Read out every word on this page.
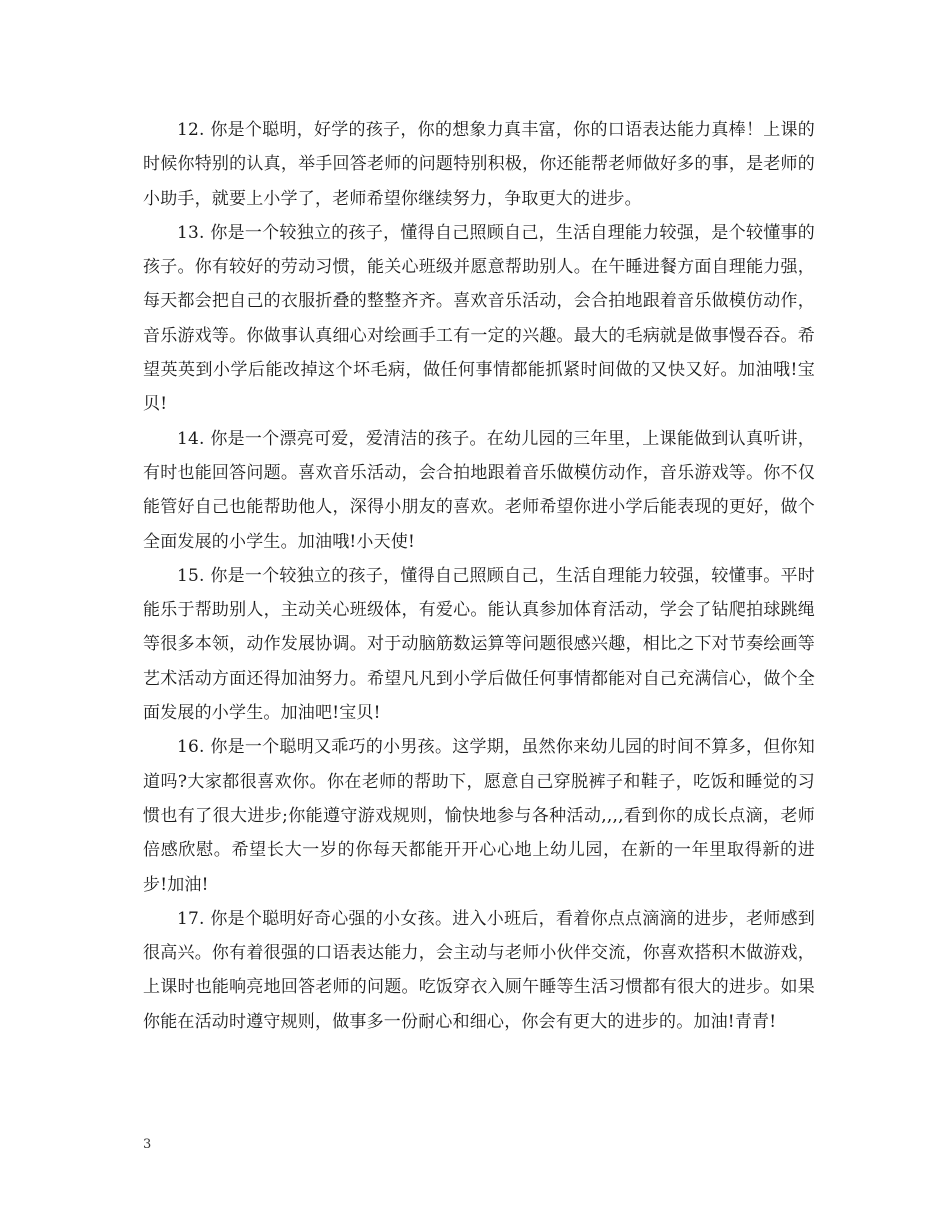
12. 你是个聪明，好学的孩子，你的想象力真丰富，你的口语表达能力真棒！上课的时候你特别的认真，举手回答老师的问题特别积极，你还能帮老师做好多的事，是老师的小助手，就要上小学了，老师希望你继续努力，争取更大的进步。

13. 你是一个较独立的孩子，懂得自己照顾自己，生活自理能力较强，是个较懂事的孩子。你有较好的劳动习惯，能关心班级并愿意帮助别人。在午睡进餐方面自理能力强，每天都会把自己的衣服折叠的整整齐齐。喜欢音乐活动，会合拍地跟着音乐做模仿动作，音乐游戏等。你做事认真细心对绘画手工有一定的兴趣。最大的毛病就是做事慢吞吞。希望英英到小学后能改掉这个坏毛病，做任何事情都能抓紧时间做的又快又好。加油哦!宝贝!

14. 你是一个漂亮可爱，爱清洁的孩子。在幼儿园的三年里，上课能做到认真听讲，有时也能回答问题。喜欢音乐活动，会合拍地跟着音乐做模仿动作，音乐游戏等。你不仅能管好自己也能帮助他人，深得小朋友的喜欢。老师希望你进小学后能表现的更好，做个全面发展的小学生。加油哦!小天使!

15. 你是一个较独立的孩子，懂得自己照顾自己，生活自理能力较强，较懂事。平时能乐于帮助别人，主动关心班级体，有爱心。能认真参加体育活动，学会了钻爬拍球跳绳等很多本领，动作发展协调。对于动脑筋数运算等问题很感兴趣，相比之下对节奏绘画等艺术活动方面还得加油努力。希望凡凡到小学后做任何事情都能对自己充满信心，做个全面发展的小学生。加油吧!宝贝!

16. 你是一个聪明又乖巧的小男孩。这学期，虽然你来幼儿园的时间不算多，但你知道吗?大家都很喜欢你。你在老师的帮助下，愿意自己穿脱裤子和鞋子，吃饭和睡觉的习惯也有了很大进步;你能遵守游戏规则，愉快地参与各种活动,,,,看到你的成长点滴，老师倍感欣慰。希望长大一岁的你每天都能开开心心地上幼儿园，在新的一年里取得新的进步!加油!

17. 你是个聪明好奇心强的小女孩。进入小班后，看着你点点滴滴的进步，老师感到很高兴。你有着很强的口语表达能力，会主动与老师小伙伴交流，你喜欢搭积木做游戏，上课时也能响亮地回答老师的问题。吃饭穿衣入厕午睡等生活习惯都有很大的进步。如果你能在活动时遵守规则，做事多一份耐心和细心，你会有更大的进步的。加油!青青!

3
